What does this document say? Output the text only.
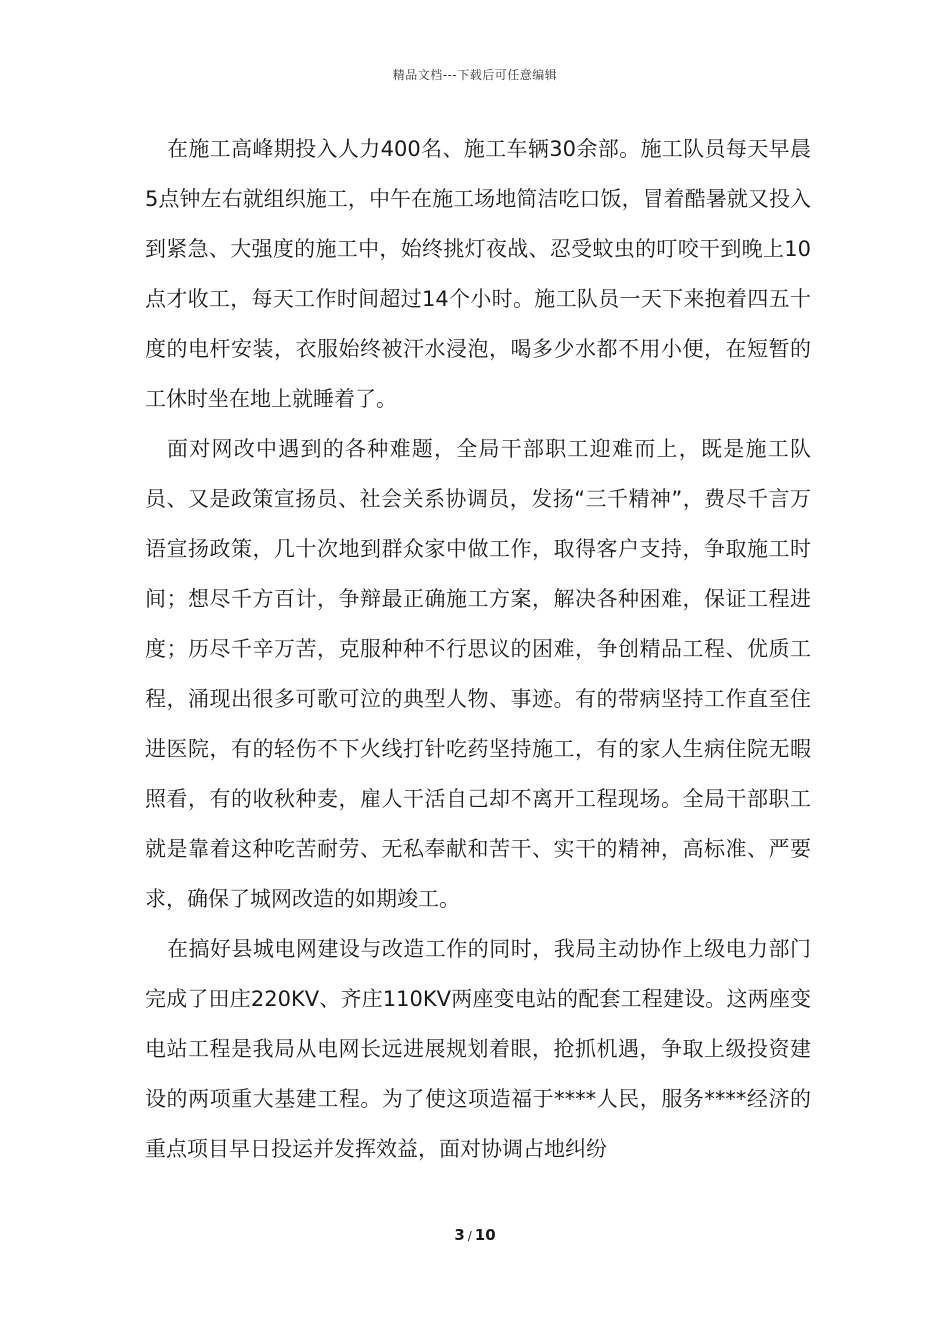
精品文档---下载后可任意编辑

在施工高峰期投入人力400名、施工车辆30余部。施工队员每天早晨5点钟左右就组织施工，中午在施工场地简洁吃口饭，冒着酷暑就又投入到紧急、大强度的施工中，始终挑灯夜战、忍受蚊虫的叮咬干到晚上10点才收工，每天工作时间超过14个小时。施工队员一天下来抱着四五十度的电杆安装，衣服始终被汗水浸泡，喝多少水都不用小便，在短暂的工休时坐在地上就睡着了。

面对网改中遇到的各种难题，全局干部职工迎难而上，既是施工队员、又是政策宣扬员、社会关系协调员，发扬“三千精神”，费尽千言万语宣扬政策，几十次地到群众家中做工作，取得客户支持，争取施工时间；想尽千方百计，争辩最正确施工方案，解决各种困难，保证工程进度；历尽千辛万苦，克服种种不行思议的困难，争创精品工程、优质工程，涌现出很多可歌可泣的典型人物、事迹。有的带病坚持工作直至住进医院，有的轻伤不下火线打针吃药坚持施工，有的家人生病住院无暇照看，有的收秋种麦，雇人干活自己却不离开工程现场。全局干部职工就是靠着这种吃苦耐劳、无私奉献和苦干、实干的精神，高标准、严要求，确保了城网改造的如期竣工。

在搞好县城电网建设与改造工作的同时，我局主动协作上级电力部门完成了田庄220KV、齐庄110KV两座变电站的配套工程建设。这两座变电站工程是我局从电网长远进展规划着眼，抢抓机遇，争取上级投资建设的两项重大基建工程。为了使这项造福于****人民，服务****经济的重点项目早日投运并发挥效益，面对协调占地纠纷

3 / 10
